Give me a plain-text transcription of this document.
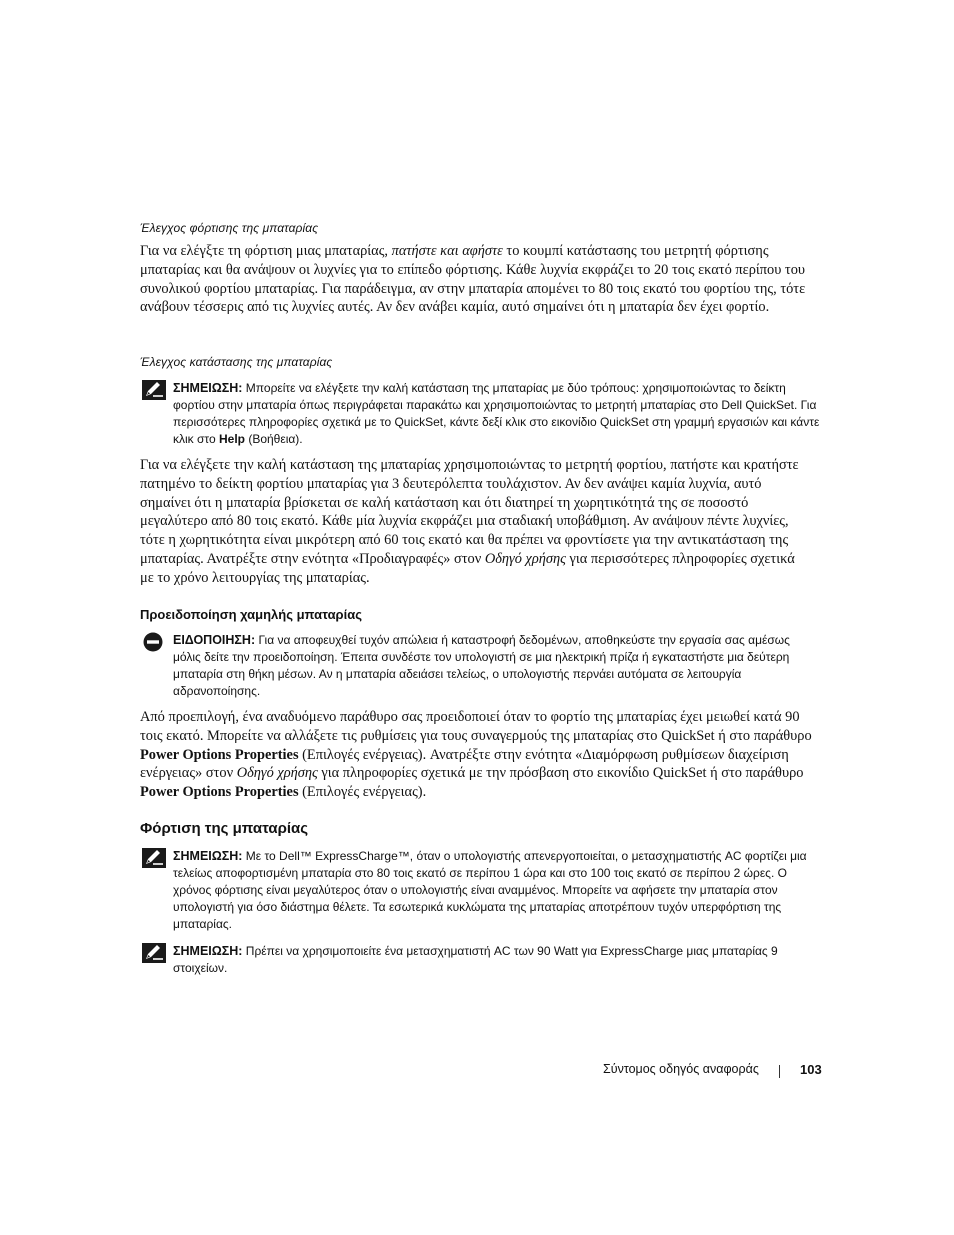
Έλεγχος φόρτισης της μπαταρίας

Για να ελέγξτε τη φόρτιση μιας μπαταρίας, πατήστε και αφήστε το κουμπί κατάστασης του μετρητή φόρτισης μπαταρίας και θα ανάψουν οι λυχνίες για το επίπεδο φόρτισης. Κάθε λυχνία εκφράζει το 20 τοις εκατό περίπου του συνολικού φορτίου μπαταρίας. Για παράδειγμα, αν στην μπαταρία απομένει το 80 τοις εκατό του φορτίου της, τότε ανάβουν τέσσερις από τις λυχνίες αυτές. Αν δεν ανάβει καμία, αυτό σημαίνει ότι η μπαταρία δεν έχει φορτίο.

Έλεγχος κατάστασης της μπαταρίας

ΣΗΜΕΙΩΣΗ: Μπορείτε να ελέγξετε την καλή κατάσταση της μπαταρίας με δύο τρόπους: χρησιμοποιώντας το δείκτη φορτίου στην μπαταρία όπως περιγράφεται παρακάτω και χρησιμοποιώντας το μετρητή μπαταρίας στο Dell QuickSet. Για περισσότερες πληροφορίες σχετικά με το QuickSet, κάντε δεξί κλικ στο εικονίδιο QuickSet στη γραμμή εργασιών και κάντε κλικ στο Help (Βοήθεια).

Για να ελέγξετε την καλή κατάσταση της μπαταρίας χρησιμοποιώντας το μετρητή φορτίου, πατήστε και κρατήστε πατημένο το δείκτη φορτίου μπαταρίας για 3 δευτερόλεπτα τουλάχιστον. Αν δεν ανάψει καμία λυχνία, αυτό σημαίνει ότι η μπαταρία βρίσκεται σε καλή κατάσταση και ότι διατηρεί τη χωρητικότητά της σε ποσοστό μεγαλύτερο από 80 τοις εκατό. Κάθε μία λυχνία εκφράζει μια σταδιακή υποβάθμιση. Αν ανάψουν πέντε λυχνίες, τότε η χωρητικότητα είναι μικρότερη από 60 τοις εκατό και θα πρέπει να φροντίσετε για την αντικατάσταση της μπαταρίας. Ανατρέξτε στην ενότητα «Προδιαγραφές» στον Οδηγό χρήσης για περισσότερες πληροφορίες σχετικά με το χρόνο λειτουργίας της μπαταρίας.

Προειδοποίηση χαμηλής μπαταρίας

ΕΙΔΟΠΟΙΗΣΗ: Για να αποφευχθεί τυχόν απώλεια ή καταστροφή δεδομένων, αποθηκεύστε την εργασία σας αμέσως μόλις δείτε την προειδοποίηση. Έπειτα συνδέστε τον υπολογιστή σε μια ηλεκτρική πρίζα ή εγκαταστήστε μια δεύτερη μπαταρία στη θήκη μέσων. Αν η μπαταρία αδειάσει τελείως, ο υπολογιστής περνάει αυτόματα σε λειτουργία αδρανοποίησης.

Από προεπιλογή, ένα αναδυόμενο παράθυρο σας προειδοποιεί όταν το φορτίο της μπαταρίας έχει μειωθεί κατά 90 τοις εκατό. Μπορείτε να αλλάξετε τις ρυθμίσεις για τους συναγερμούς της μπαταρίας στο QuickSet ή στο παράθυρο Power Options Properties (Επιλογές ενέργειας). Ανατρέξτε στην ενότητα «Διαμόρφωση ρυθμίσεων διαχείριση ενέργειας» στον Οδηγό χρήσης για πληροφορίες σχετικά με την πρόσβαση στο εικονίδιο QuickSet ή στο παράθυρο Power Options Properties (Επιλογές ενέργειας).

Φόρτιση της μπαταρίας

ΣΗΜΕΙΩΣΗ: Με το Dell™ ExpressCharge™, όταν ο υπολογιστής απενεργοποιείται, ο μετασχηματιστής AC φορτίζει μια τελείως αποφορτισμένη μπαταρία στο 80 τοις εκατό σε περίπου 1 ώρα και στο 100 τοις εκατό σε περίπου 2 ώρες. Ο χρόνος φόρτισης είναι μεγαλύτερος όταν ο υπολογιστής είναι αναμμένος. Μπορείτε να αφήσετε την μπαταρία στον υπολογιστή για όσο διάστημα θέλετε. Τα εσωτερικά κυκλώματα της μπαταρίας αποτρέπουν τυχόν υπερφόρτιση της μπαταρίας.

ΣΗΜΕΙΩΣΗ: Πρέπει να χρησιμοποιείτε ένα μετασχηματιστή AC των 90 Watt για ExpressCharge μιας μπαταρίας 9 στοιχείων.

Σύντομος οδηγός αναφοράς	103
